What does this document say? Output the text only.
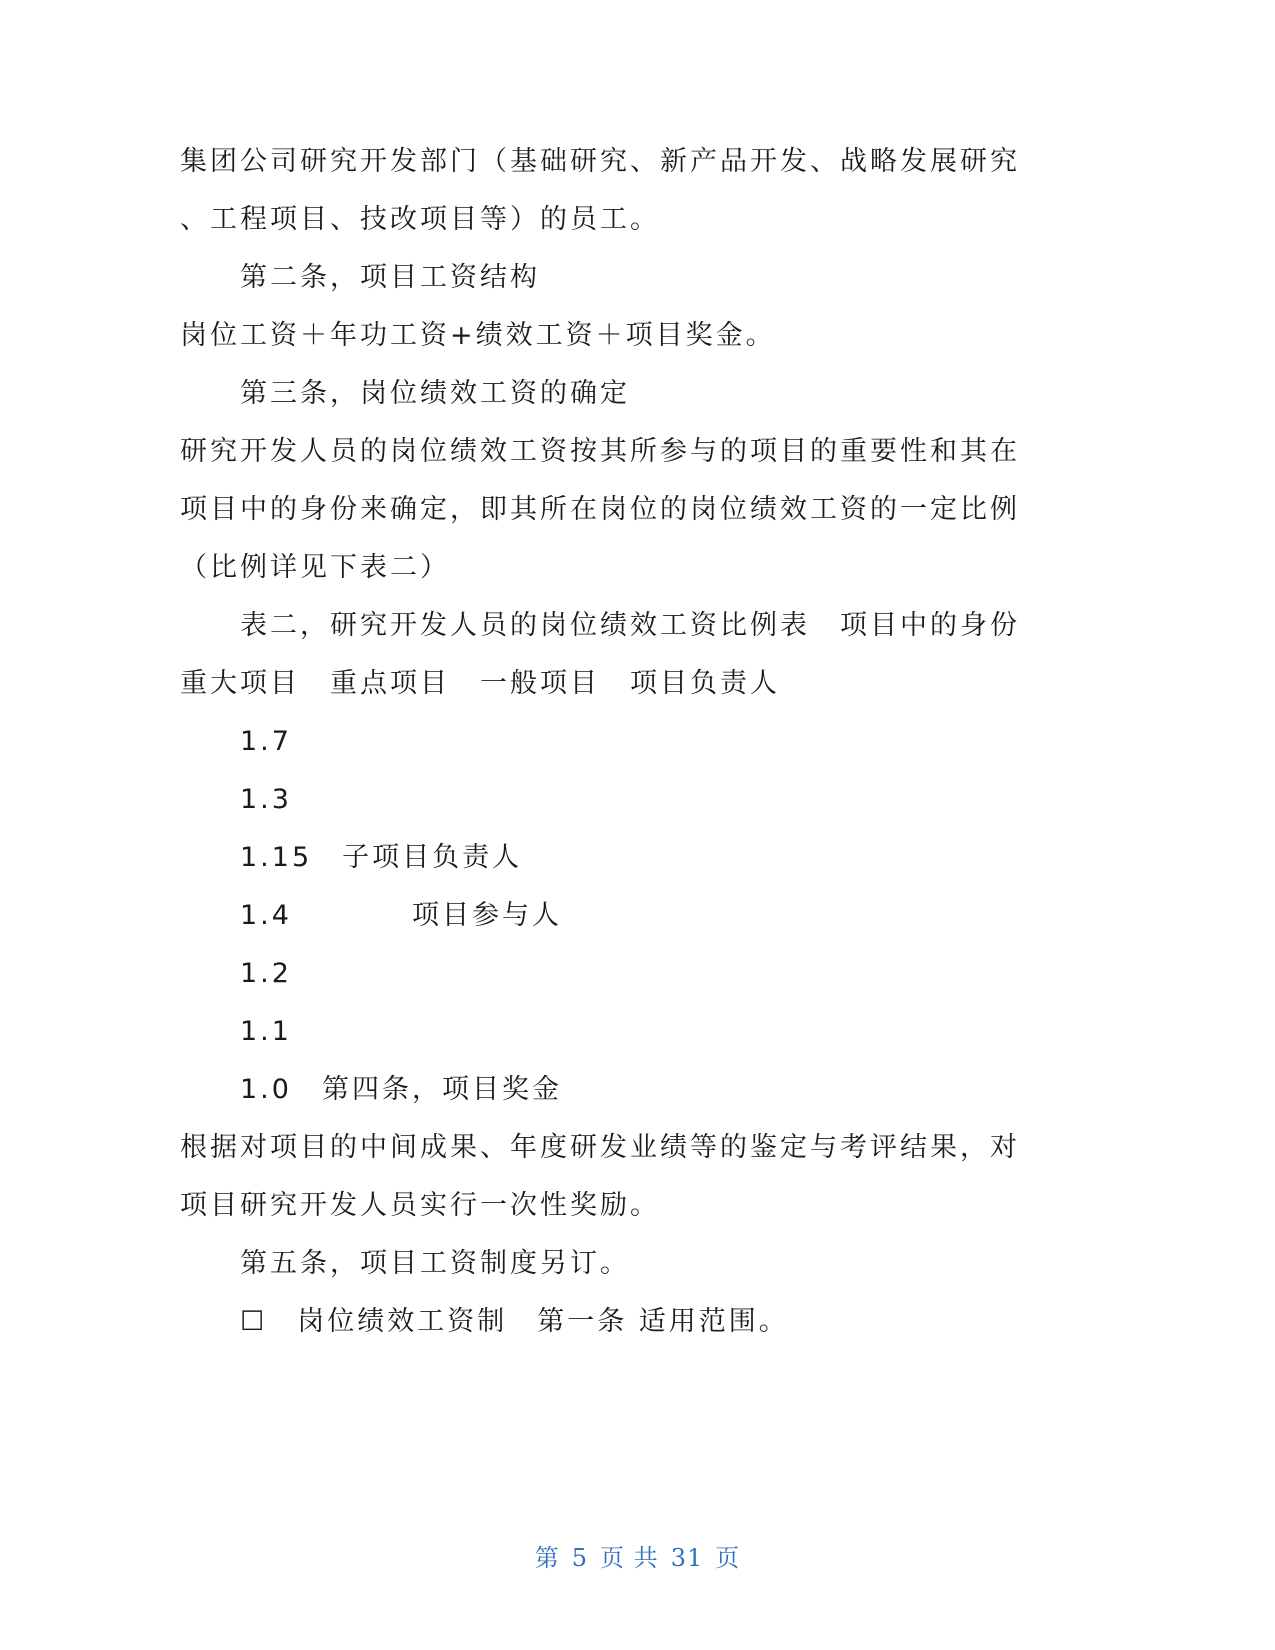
集团公司研究开发部门（基础研究、新产品开发、战略发展研究
、工程项目、技改项目等）的员工。
第二条，项目工资结构
岗位工资＋年功工资+绩效工资＋项目奖金。
第三条，岗位绩效工资的确定
研究开发人员的岗位绩效工资按其所参与的项目的重要性和其在
项目中的身份来确定，即其所在岗位的岗位绩效工资的一定比例
（比例详见下表二）
表二，研究开发人员的岗位绩效工资比例表　项目中的身份
重大项目　重点项目　一般项目　项目负责人
1.7
1.3
1.15　子项目负责人
1.4　　　　项目参与人
1.2
1.1
1.0　第四条，项目奖金
根据对项目的中间成果、年度研发业绩等的鉴定与考评结果，对
项目研究开发人员实行一次性奖励。
第五条，项目工资制度另订。
☐　岗位绩效工资制　第一条 适用范围。
第 5 页 共 31 页
